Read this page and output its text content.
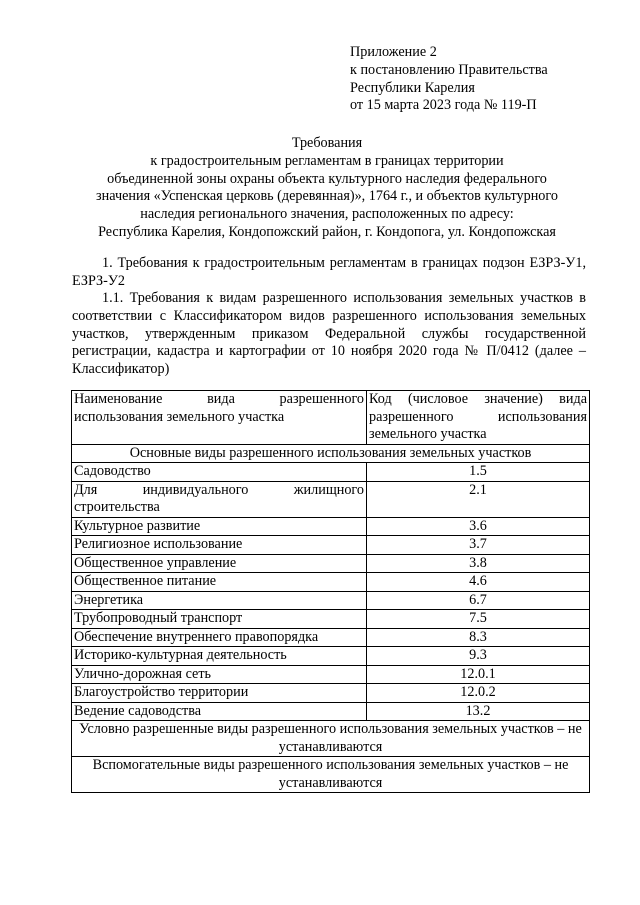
Приложение 2
к постановлению Правительства
Республики Карелия
от 15 марта 2023 года № 119-П
Требования
к градостроительным регламентам в границах территории
объединенной зоны охраны объекта культурного наследия федерального
значения «Успенская церковь (деревянная)», 1764 г., и объектов культурного
наследия регионального значения, расположенных по адресу:
Республика Карелия, Кондопожский район, г. Кондопога, ул. Кондопожская
1. Требования к градостроительным регламентам в границах подзон ЕЗРЗ-У1, ЕЗРЗ-У2
1.1. Требования к видам разрешенного использования земельных участков в соответствии с Классификатором видов разрешенного использования земельных участков, утвержденным приказом Федеральной службы государственной регистрации, кадастра и картографии от 10 ноября 2020 года № П/0412 (далее – Классификатор)
Наименование вида разрешенного использования земельного участка	Код (числовое значение) вида разрешенного использования земельного участка
Основные виды разрешенного использования земельных участков	
Садоводство	1.5
Для индивидуального жилищного строительства	2.1
Культурное развитие	3.6
Религиозное использование	3.7
Общественное управление	3.8
Общественное питание	4.6
Энергетика	6.7
Трубопроводный транспорт	7.5
Обеспечение внутреннего правопорядка	8.3
Историко-культурная деятельность	9.3
Улично-дорожная сеть	12.0.1
Благоустройство территории	12.0.2
Ведение садоводства	13.2
Условно разрешенные виды разрешенного использования земельных участков – не устанавливаются	
Вспомогательные виды разрешенного использования земельных участков – не устанавливаются	
